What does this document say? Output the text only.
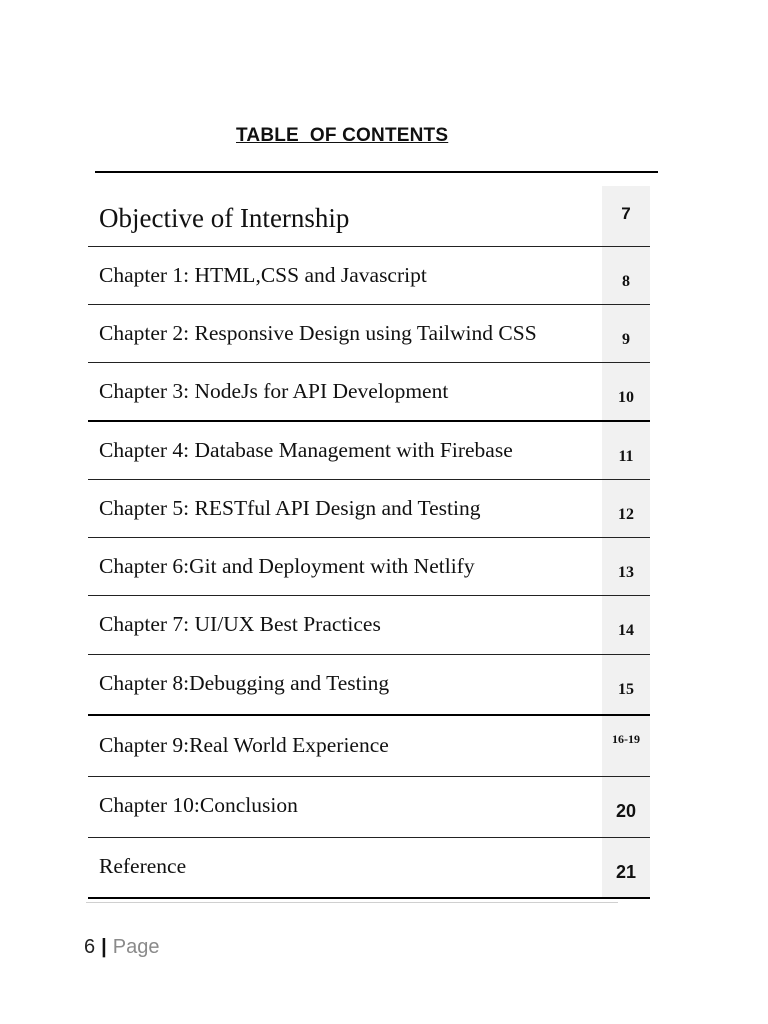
TABLE  OF CONTENTS
Objective of Internship	7
Chapter 1: HTML,CSS and Javascript	8
Chapter 2: Responsive Design using Tailwind CSS	9
Chapter 3: NodeJs for API Development	10
Chapter 4: Database Management with Firebase	11
Chapter 5: RESTful API Design and Testing	12
Chapter 6:Git and Deployment with Netlify	13
Chapter 7: UI/UX Best Practices	14
Chapter 8:Debugging and Testing	15
Chapter 9:Real World Experience	16-19
Chapter 10:Conclusion	20
Reference	21
6 | Page
